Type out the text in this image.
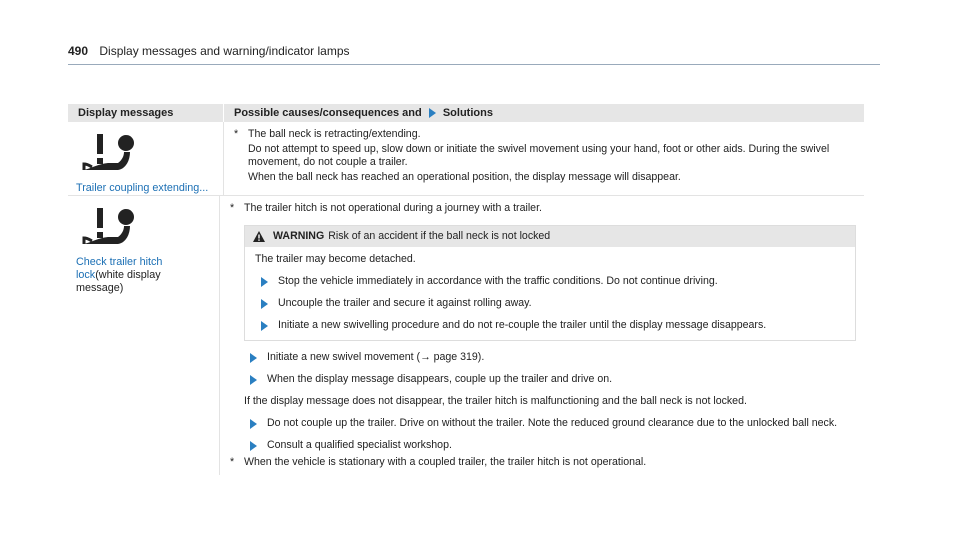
490 Display messages and warning/indicator lamps
Display messages	Possible causes/consequences and Solutions
Trailer coupling extending...
* The ball neck is retracting/extending.
Do not attempt to speed up, slow down or initiate the swivel movement using your hand, foot or other aids. During the swivel movement, do not couple a trailer.
When the ball neck has reached an operational position, the display message will disappear.
Check trailer hitch lock(white display message)
* The trailer hitch is not operational during a journey with a trailer.
WARNING Risk of an accident if the ball neck is not locked
The trailer may become detached.
Stop the vehicle immediately in accordance with the traffic conditions. Do not continue driving.
Uncouple the trailer and secure it against rolling away.
Initiate a new swivelling procedure and do not re-couple the trailer until the display message disappears.
Initiate a new swivel movement (→ page 319).
When the display message disappears, couple up the trailer and drive on.
If the display message does not disappear, the trailer hitch is malfunctioning and the ball neck is not locked.
Do not couple up the trailer. Drive on without the trailer. Note the reduced ground clearance due to the unlocked ball neck.
Consult a qualified specialist workshop.
* When the vehicle is stationary with a coupled trailer, the trailer hitch is not operational.
